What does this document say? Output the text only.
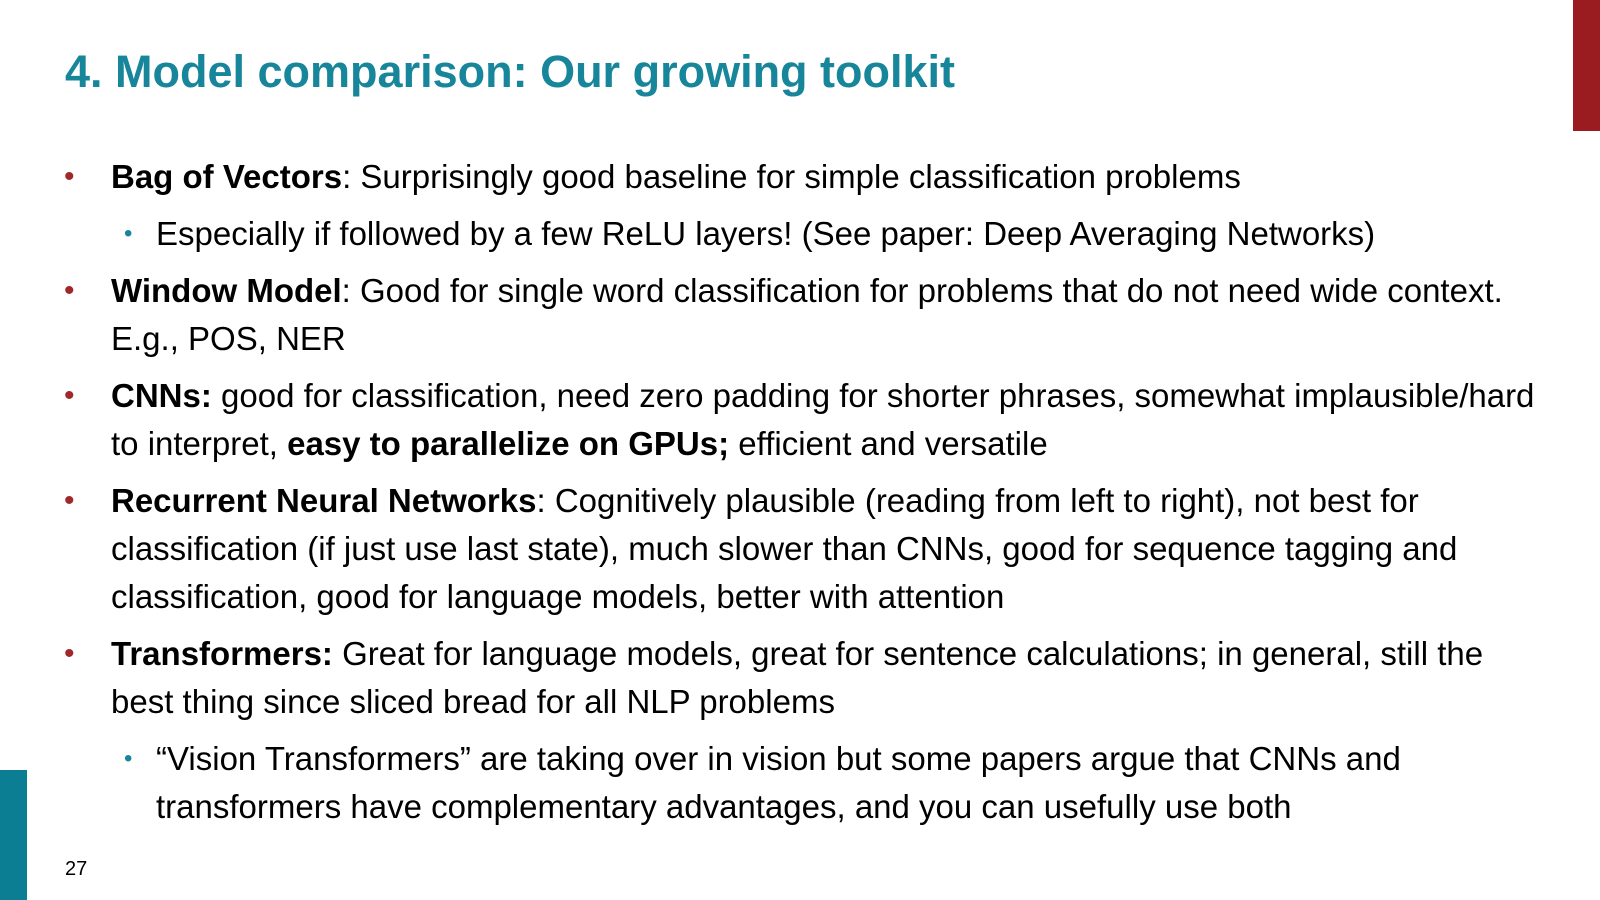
4. Model comparison: Our growing toolkit
• Bag of Vectors: Surprisingly good baseline for simple classification problems
• Especially if followed by a few ReLU layers! (See paper: Deep Averaging Networks)
• Window Model: Good for single word classification for problems that do not need wide context. E.g., POS, NER
• CNNs: good for classification, need zero padding for shorter phrases, somewhat implausible/hard to interpret, easy to parallelize on GPUs; efficient and versatile
• Recurrent Neural Networks: Cognitively plausible (reading from left to right), not best for classification (if just use last state), much slower than CNNs, good for sequence tagging and classification, good for language models, better with attention
• Transformers: Great for language models, great for sentence calculations; in general, still the best thing since sliced bread for all NLP problems
• “Vision Transformers” are taking over in vision but some papers argue that CNNs and transformers have complementary advantages, and you can usefully use both
27
